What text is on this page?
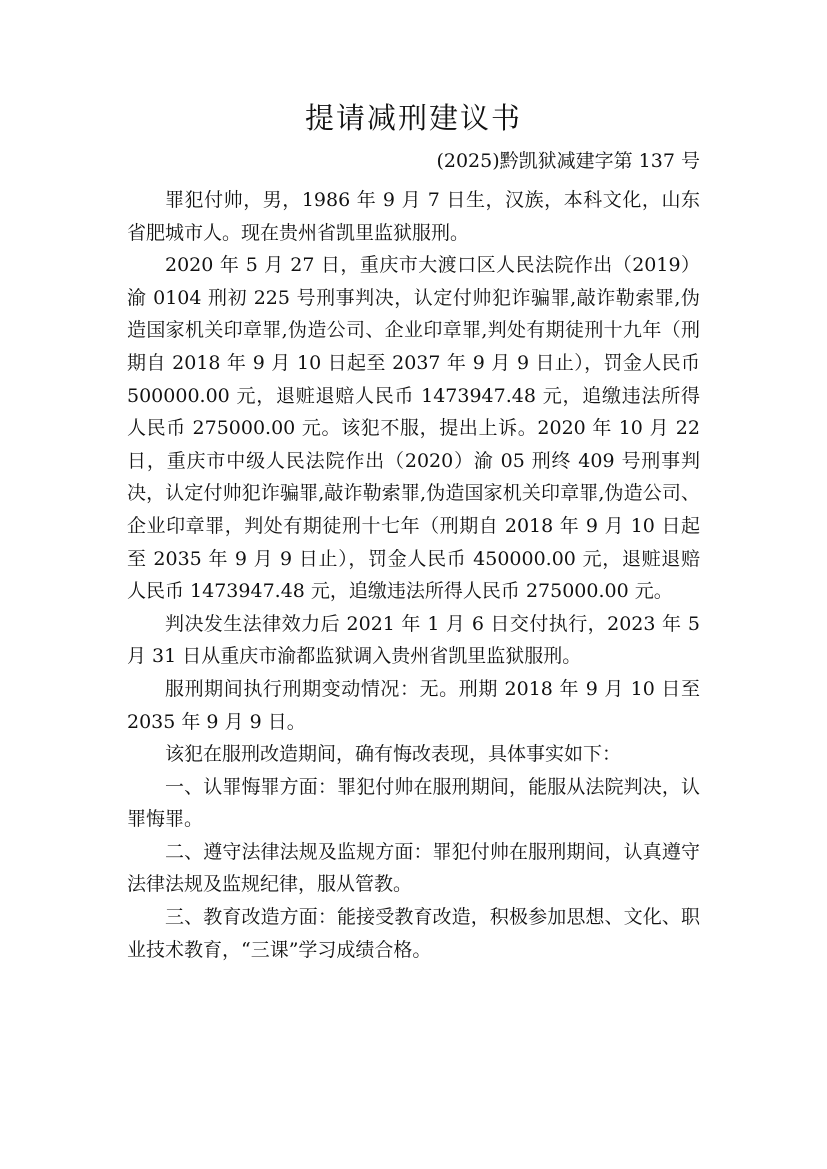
提请减刑建议书
(2025)黔凯狱减建字第 137 号

罪犯付帅，男，1986 年 9 月 7 日生，汉族，本科文化，山东省肥城市人。现在贵州省凯里监狱服刑。

2020 年 5 月 27 日，重庆市大渡口区人民法院作出（2019）渝 0104 刑初 225 号刑事判决，认定付帅犯诈骗罪,敲诈勒索罪,伪造国家机关印章罪,伪造公司、企业印章罪,判处有期徒刑十九年（刑期自 2018 年 9 月 10 日起至 2037 年 9 月 9 日止），罚金人民币 500000.00 元，退赃退赔人民币 1473947.48 元，追缴违法所得人民币 275000.00 元。该犯不服，提出上诉。2020 年 10 月 22 日，重庆市中级人民法院作出（2020）渝 05 刑终 409 号刑事判决，认定付帅犯诈骗罪,敲诈勒索罪,伪造国家机关印章罪,伪造公司、企业印章罪，判处有期徒刑十七年（刑期自 2018 年 9 月 10 日起至 2035 年 9 月 9 日止），罚金人民币 450000.00 元，退赃退赔人民币 1473947.48 元，追缴违法所得人民币 275000.00 元。

判决发生法律效力后 2021 年 1 月 6 日交付执行，2023 年 5 月 31 日从重庆市渝都监狱调入贵州省凯里监狱服刑。

服刑期间执行刑期变动情况：无。刑期 2018 年 9 月 10 日至 2035 年 9 月 9 日。

该犯在服刑改造期间，确有悔改表现，具体事实如下：

一、认罪悔罪方面：罪犯付帅在服刑期间，能服从法院判决，认罪悔罪。

二、遵守法律法规及监规方面：罪犯付帅在服刑期间，认真遵守法律法规及监规纪律，服从管教。

三、教育改造方面：能接受教育改造，积极参加思想、文化、职业技术教育，“三课”学习成绩合格。
